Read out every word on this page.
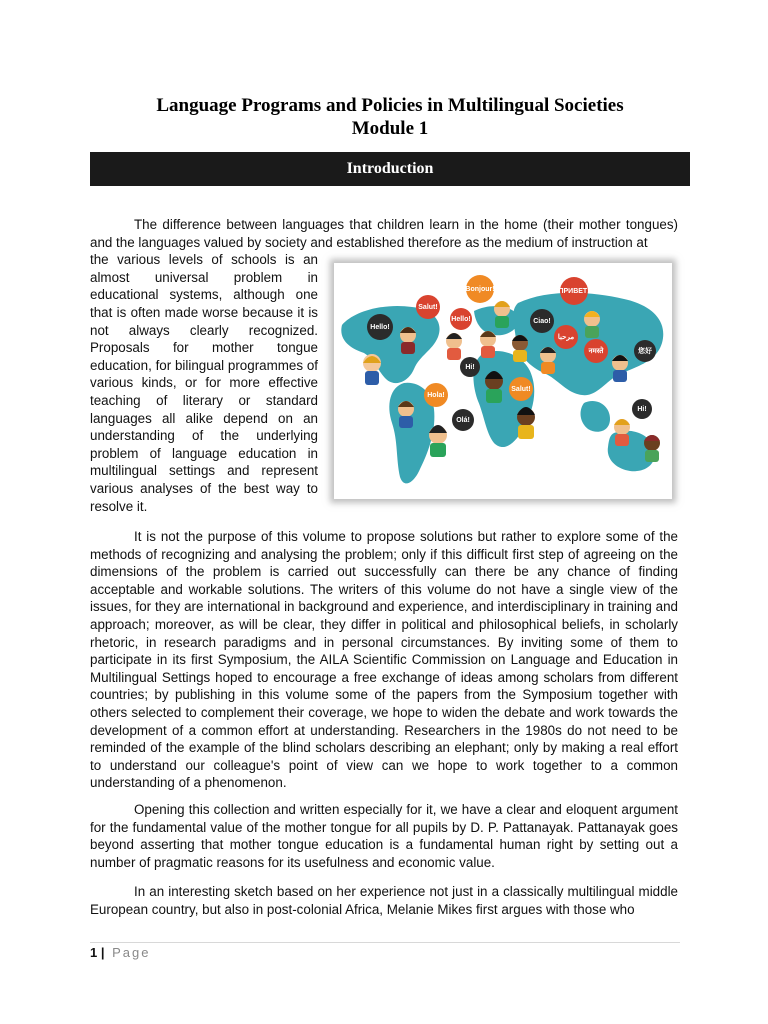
Language Programs and Policies in Multilingual Societies
Module 1
Introduction
The difference between languages that children learn in the home (their mother tongues) and the languages valued by society and established therefore as the medium of instruction at
the various levels of schools is an almost universal problem in educational systems, although one that is often made worse because it is not always clearly recognized. Proposals for mother tongue education, for bilingual programmes of various kinds, or for more effective teaching of literary or standard languages all alike depend on an understanding of the underlying problem of language education in multilingual settings and represent various analyses of the best way to resolve it.
Hello!
Salut!
Hello!
Bonjour!	ПРИВЕТ!
Ciao!
مرحبا
नमस्ते	您好
Hi!
Hola!
Salut!
Olá!
Hi!
It is not the purpose of this volume to propose solutions but rather to explore some of the methods of recognizing and analysing the problem; only if this difficult first step of agreeing on the dimensions of the problem is carried out successfully can there be any chance of finding acceptable and workable solutions. The writers of this volume do not have a single view of the issues, for they are international in background and experience, and interdisciplinary in training and approach; moreover, as will be clear, they differ in political and philosophical beliefs, in scholarly rhetoric, in research paradigms and in personal circumstances. By inviting some of them to participate in its first Symposium, the AILA Scientific Commission on Language and Education in Multilingual Settings hoped to encourage a free exchange of ideas among scholars from different countries; by publishing in this volume some of the papers from the Symposium together with others selected to complement their coverage, we hope to widen the debate and work towards the development of a common effort at understanding. Researchers in the 1980s do not need to be reminded of the example of the blind scholars describing an elephant; only by making a real effort to understand our colleague's point of view can we hope to work together to a common understanding of a phenomenon.
Opening this collection and written especially for it, we have a clear and eloquent argument for the fundamental value of the mother tongue for all pupils by D. P. Pattanayak. Pattanayak goes beyond asserting that mother tongue education is a fundamental human right by setting out a number of pragmatic reasons for its usefulness and economic value.
In an interesting sketch based on her experience not just in a classically multilingual middle European country, but also in post-colonial Africa, Melanie Mikes first argues with those who
1 | Page
